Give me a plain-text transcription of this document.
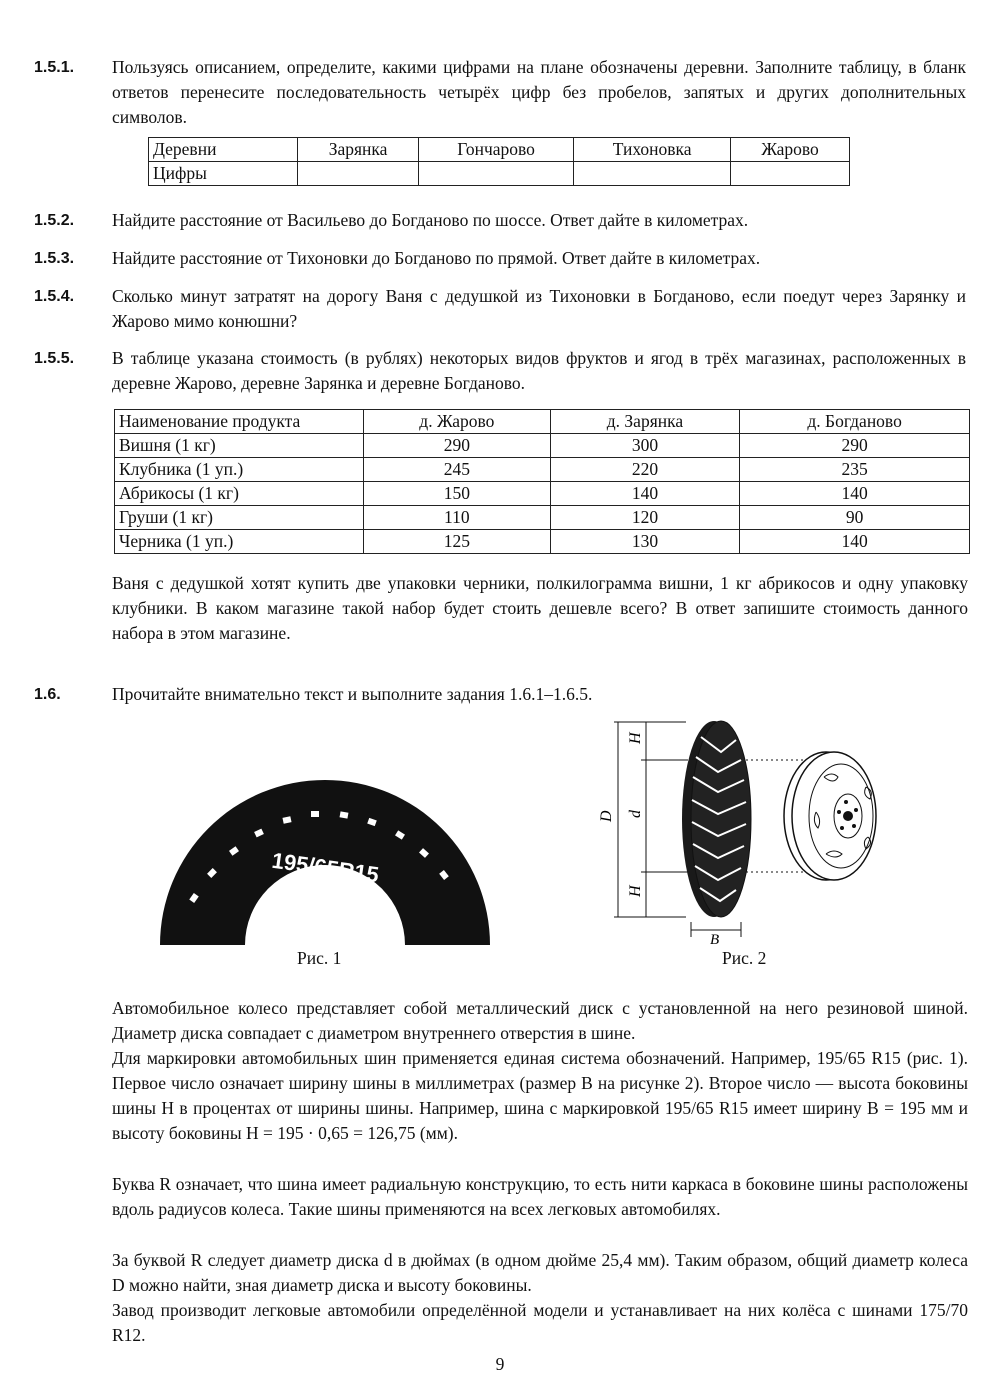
1.5.1.	Пользуясь описанием, определите, какими цифрами на плане обозначены деревни. Заполните таблицу, в бланк ответов перенесите последовательность четырёх цифр без пробелов, запятых и других дополнительных символов.
Деревни	Зарянка	Гончарово	Тихоновка	Жарово
Цифры				
1.5.2.	Найдите расстояние от Васильево до Богданово по шоссе. Ответ дайте в километрах.
1.5.3.	Найдите расстояние от Тихоновки до Богданово по прямой. Ответ дайте в километрах.
1.5.4.	Сколько минут затратят на дорогу Ваня с дедушкой из Тихоновки в Богданово, если поедут через Зарянку и Жарово мимо конюшни?
1.5.5.	В таблице указана стоимость (в рублях) некоторых видов фруктов и ягод в трёх магазинах, расположенных в деревне Жарово, деревне Зарянка и деревне Богданово.
Наименование продукта	д. Жарово	д. Зарянка	д. Богданово
Вишня (1 кг)	290	300	290
Клубника (1 уп.)	245	220	235
Абрикосы (1 кг)	150	140	140
Груши (1 кг)	110	120	90
Черника (1 уп.)	125	130	140
Ваня с дедушкой хотят купить две упаковки черники, полкилограмма вишни, 1 кг абрикосов и одну упаковку клубники. В каком магазине такой набор будет стоить дешевле всего? В ответ запишите стоимость данного набора в этом магазине.
1.6.	Прочитайте внимательно текст и выполните задания 1.6.1–1.6.5.
195/65R15
Рис. 1
D
H
d
H
B
Рис. 2
Автомобильное колесо представляет собой металлический диск с установленной на него резиновой шиной. Диаметр диска совпадает с диаметром внутреннего отверстия в шине.
Для маркировки автомобильных шин применяется единая система обозначений. Например, 195/65 R15 (рис. 1). Первое число означает ширину шины в миллиметрах (размер B на рисунке 2). Второе число — высота боковины шины H в процентах от ширины шины. Например, шина с маркировкой 195/65 R15 имеет ширину B = 195 мм и высоту боковины H = 195 · 0,65 = 126,75 (мм).
Буква R означает, что шина имеет радиальную конструкцию, то есть нити каркаса в боковине шины расположены вдоль радиусов колеса. Такие шины применяются на всех легковых автомобилях.
За буквой R следует диаметр диска d в дюймах (в одном дюйме 25,4 мм). Таким образом, общий диаметр колеса D можно найти, зная диаметр диска и высоту боковины.
Завод производит легковые автомобили определённой модели и устанавливает на них колёса с шинами 175/70 R12.
9
